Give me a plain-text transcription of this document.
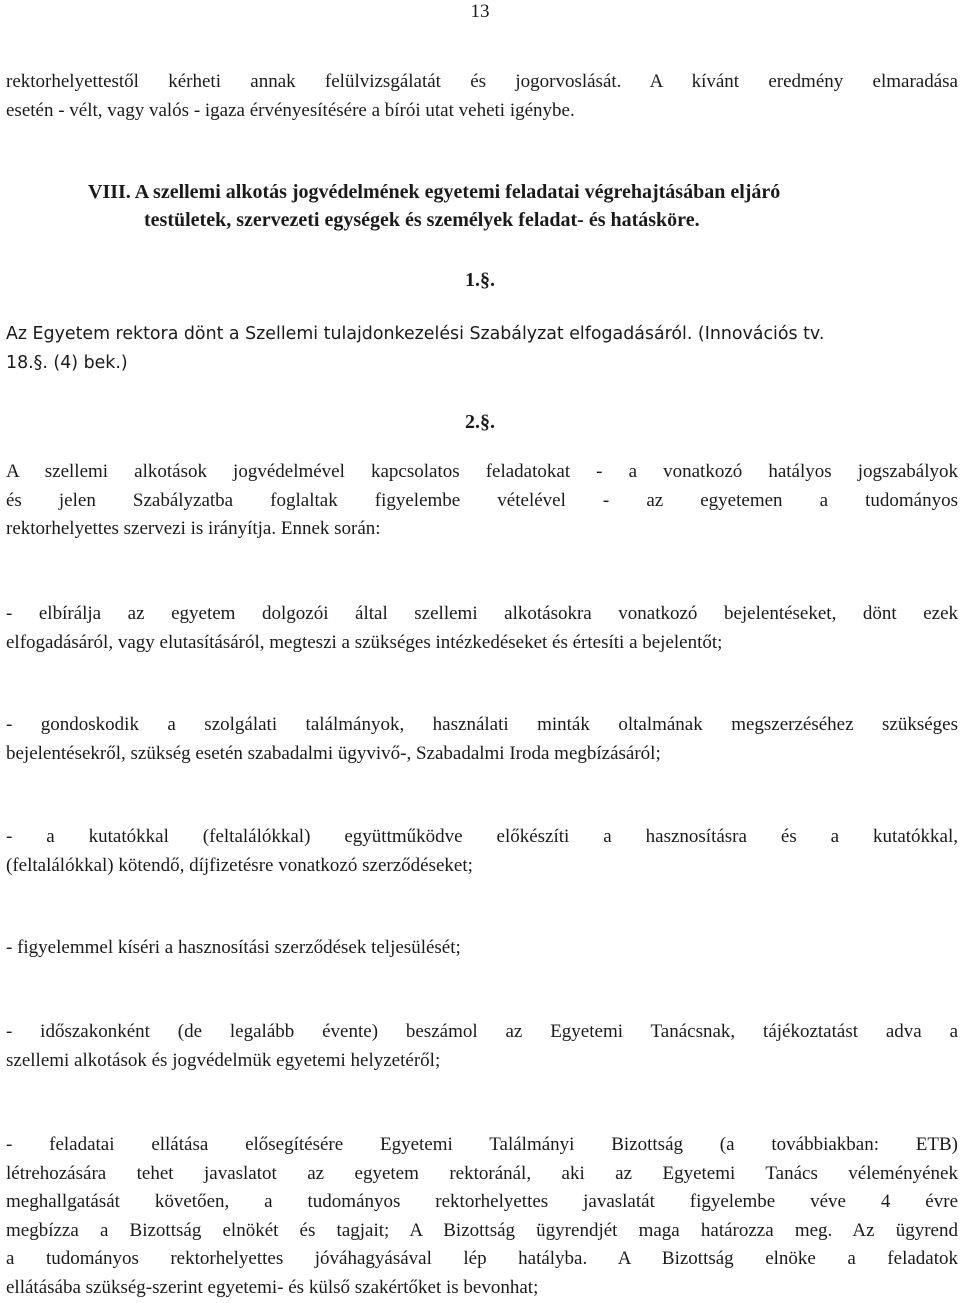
13

rektorhelyettestől kérheti annak felülvizsgálatát és jogorvoslását. A kívánt eredmény elmaradása
esetén - vélt, vagy valós - igaza érvényesítésére a bírói utat veheti igénybe.

VIII. A szellemi alkotás jogvédelmének egyetemi feladatai végrehajtásában eljáró
testületek, szervezeti egységek és személyek feladat- és hatásköre.
1.§.

Az Egyetem rektora dönt a Szellemi tulajdonkezelési Szabályzat elfogadásáról. (Innovációs tv.
18.§. (4) bek.)

2.§.

A szellemi alkotások jogvédelmével kapcsolatos feladatokat - a vonatkozó hatályos jogszabályok
és jelen Szabályzatba foglaltak figyelembe vételével - az egyetemen a tudományos
rektorhelyettes szervezi is irányítja. Ennek során:

- elbírálja az egyetem dolgozói által szellemi alkotásokra vonatkozó bejelentéseket, dönt ezek
elfogadásáról, vagy elutasításáról, megteszi a szükséges intézkedéseket és értesíti a bejelentőt;

- gondoskodik a szolgálati találmányok, használati minták oltalmának megszerzéséhez szükséges
bejelentésekről, szükség esetén szabadalmi ügyvivő-, Szabadalmi Iroda megbízásáról;

- a kutatókkal (feltalálókkal) együttműködve előkészíti a hasznosításra és a kutatókkal,
(feltalálókkal) kötendő, díjfizetésre vonatkozó szerződéseket;

- figyelemmel kíséri a hasznosítási szerződések teljesülését;

- időszakonként (de legalább évente) beszámol az Egyetemi Tanácsnak, tájékoztatást adva a
szellemi alkotások és jogvédelmük egyetemi helyzetéről;

- feladatai ellátása elősegítésére Egyetemi Találmányi Bizottság (a továbbiakban: ETB)
létrehozására tehet javaslatot az egyetem rektoránál, aki az Egyetemi Tanács véleményének
meghallgatását követően, a tudományos rektorhelyettes javaslatát figyelembe véve 4 évre
megbízza a Bizottság elnökét és tagjait; A Bizottság ügyrendjét maga határozza meg. Az ügyrend
a tudományos rektorhelyettes jóváhagyásával lép hatályba. A Bizottság elnöke a feladatok
ellátásába szükség-szerint egyetemi- és külső szakértőket is bevonhat;
